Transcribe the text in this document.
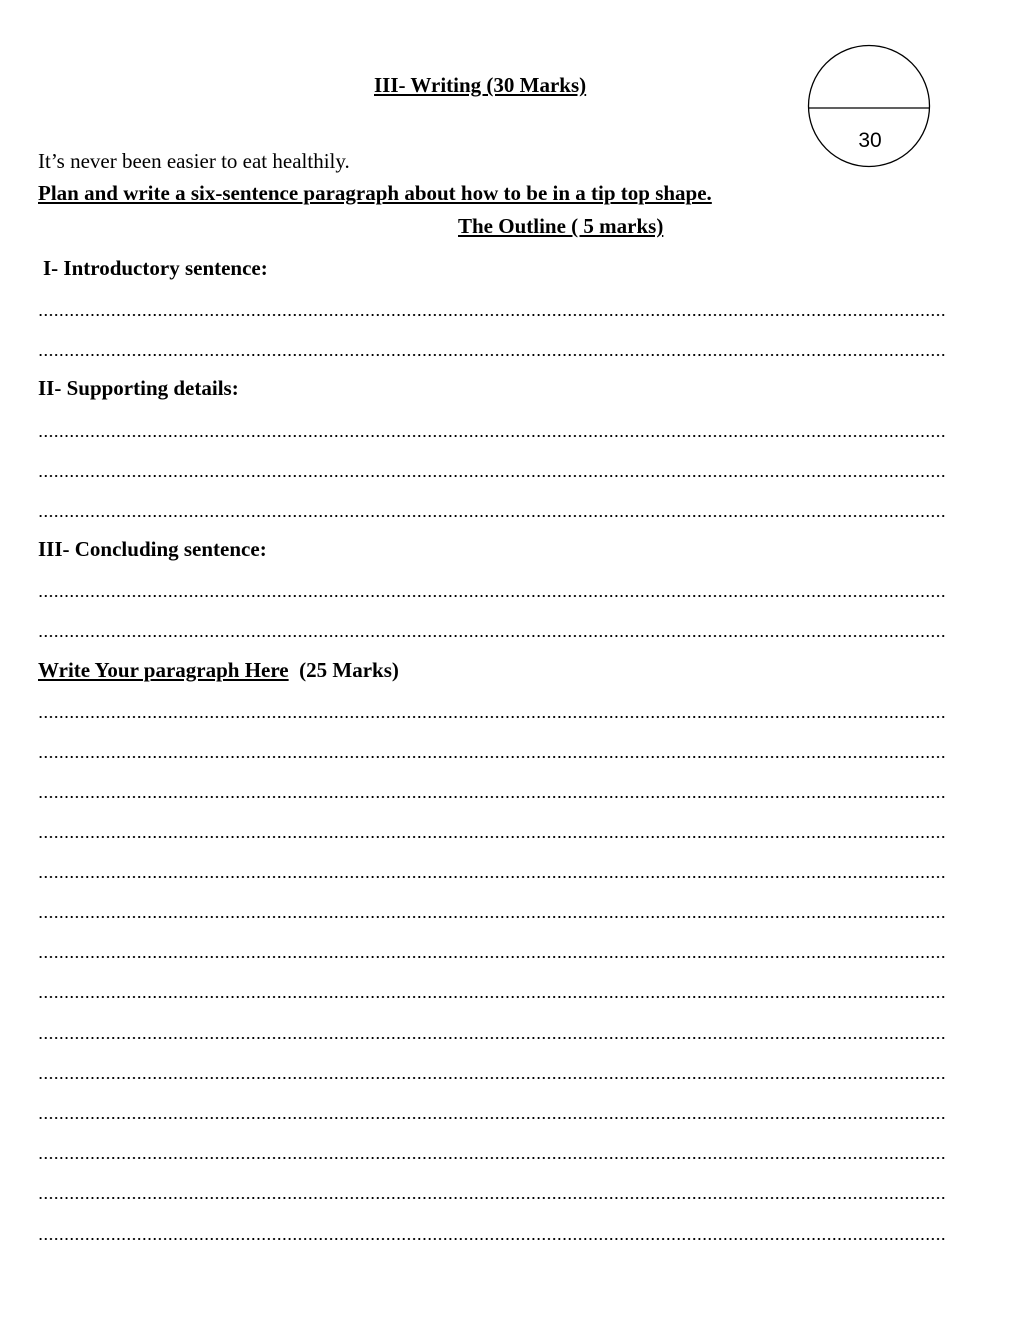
30
III- Writing (30 Marks)
It’s never been easier to eat healthily.
Plan and write a six-sentence paragraph about how to be in a tip top shape.
The Outline ( 5 marks)
I- Introductory sentence:
II- Supporting details:
III- Concluding sentence:
Write Your paragraph Here (25 Marks)
